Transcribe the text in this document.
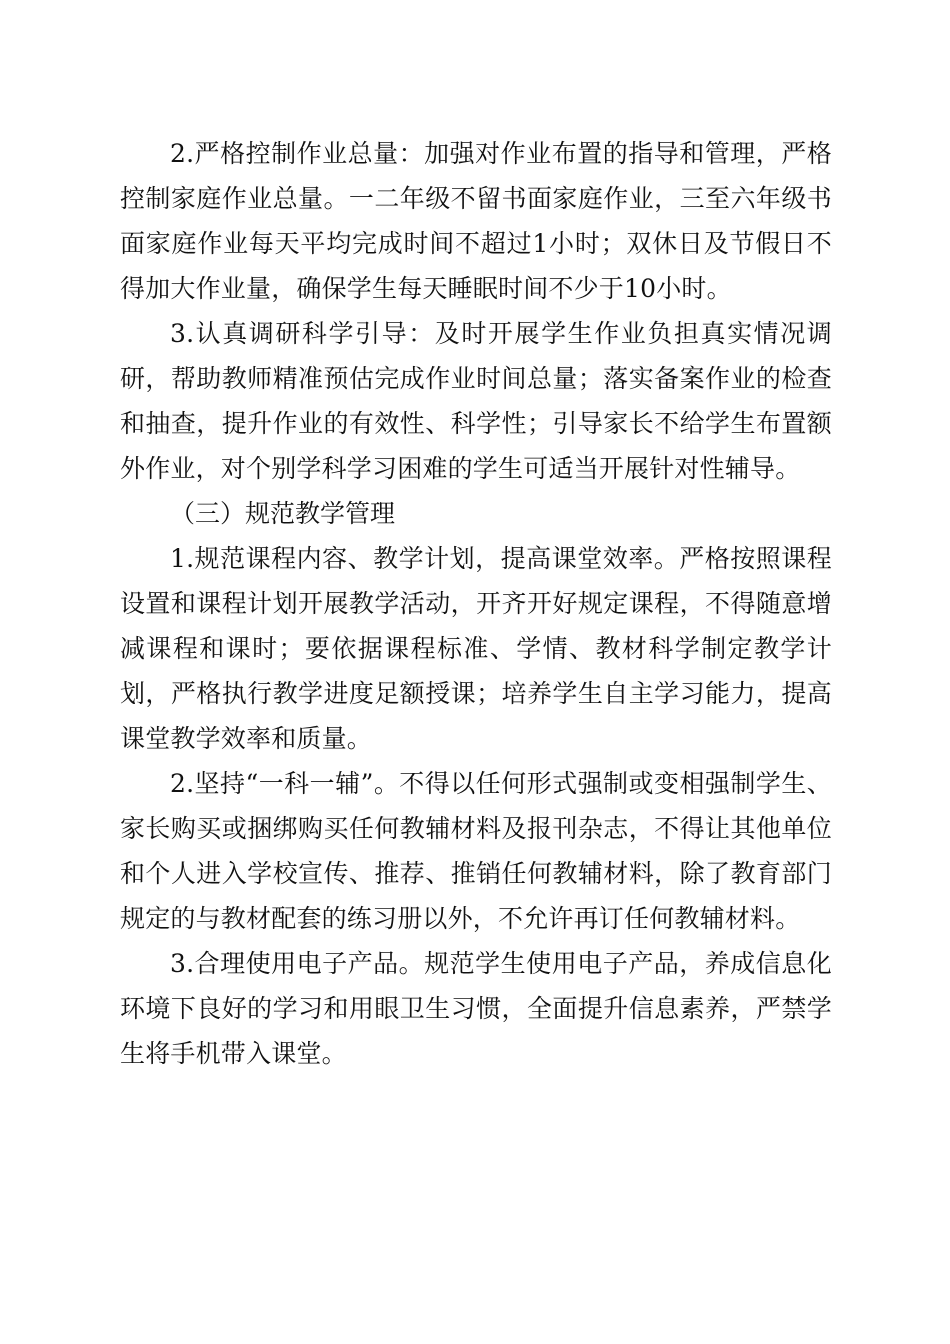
2.严格控制作业总量：加强对作业布置的指导和管理，严格控制家庭作业总量。一二年级不留书面家庭作业，三至六年级书面家庭作业每天平均完成时间不超过1小时；双休日及节假日不得加大作业量，确保学生每天睡眠时间不少于10小时。

3.认真调研科学引导：及时开展学生作业负担真实情况调研，帮助教师精准预估完成作业时间总量；落实备案作业的检查和抽查，提升作业的有效性、科学性；引导家长不给学生布置额外作业，对个别学科学习困难的学生可适当开展针对性辅导。

（三）规范教学管理

1.规范课程内容、教学计划，提高课堂效率。严格按照课程设置和课程计划开展教学活动，开齐开好规定课程，不得随意增减课程和课时；要依据课程标准、学情、教材科学制定教学计划，严格执行教学进度足额授课；培养学生自主学习能力，提高课堂教学效率和质量。

2.坚持“一科一辅”。不得以任何形式强制或变相强制学生、家长购买或捆绑购买任何教辅材料及报刊杂志，不得让其他单位和个人进入学校宣传、推荐、推销任何教辅材料，除了教育部门规定的与教材配套的练习册以外，不允许再订任何教辅材料。

3.合理使用电子产品。规范学生使用电子产品，养成信息化环境下良好的学习和用眼卫生习惯，全面提升信息素养，严禁学生将手机带入课堂。
